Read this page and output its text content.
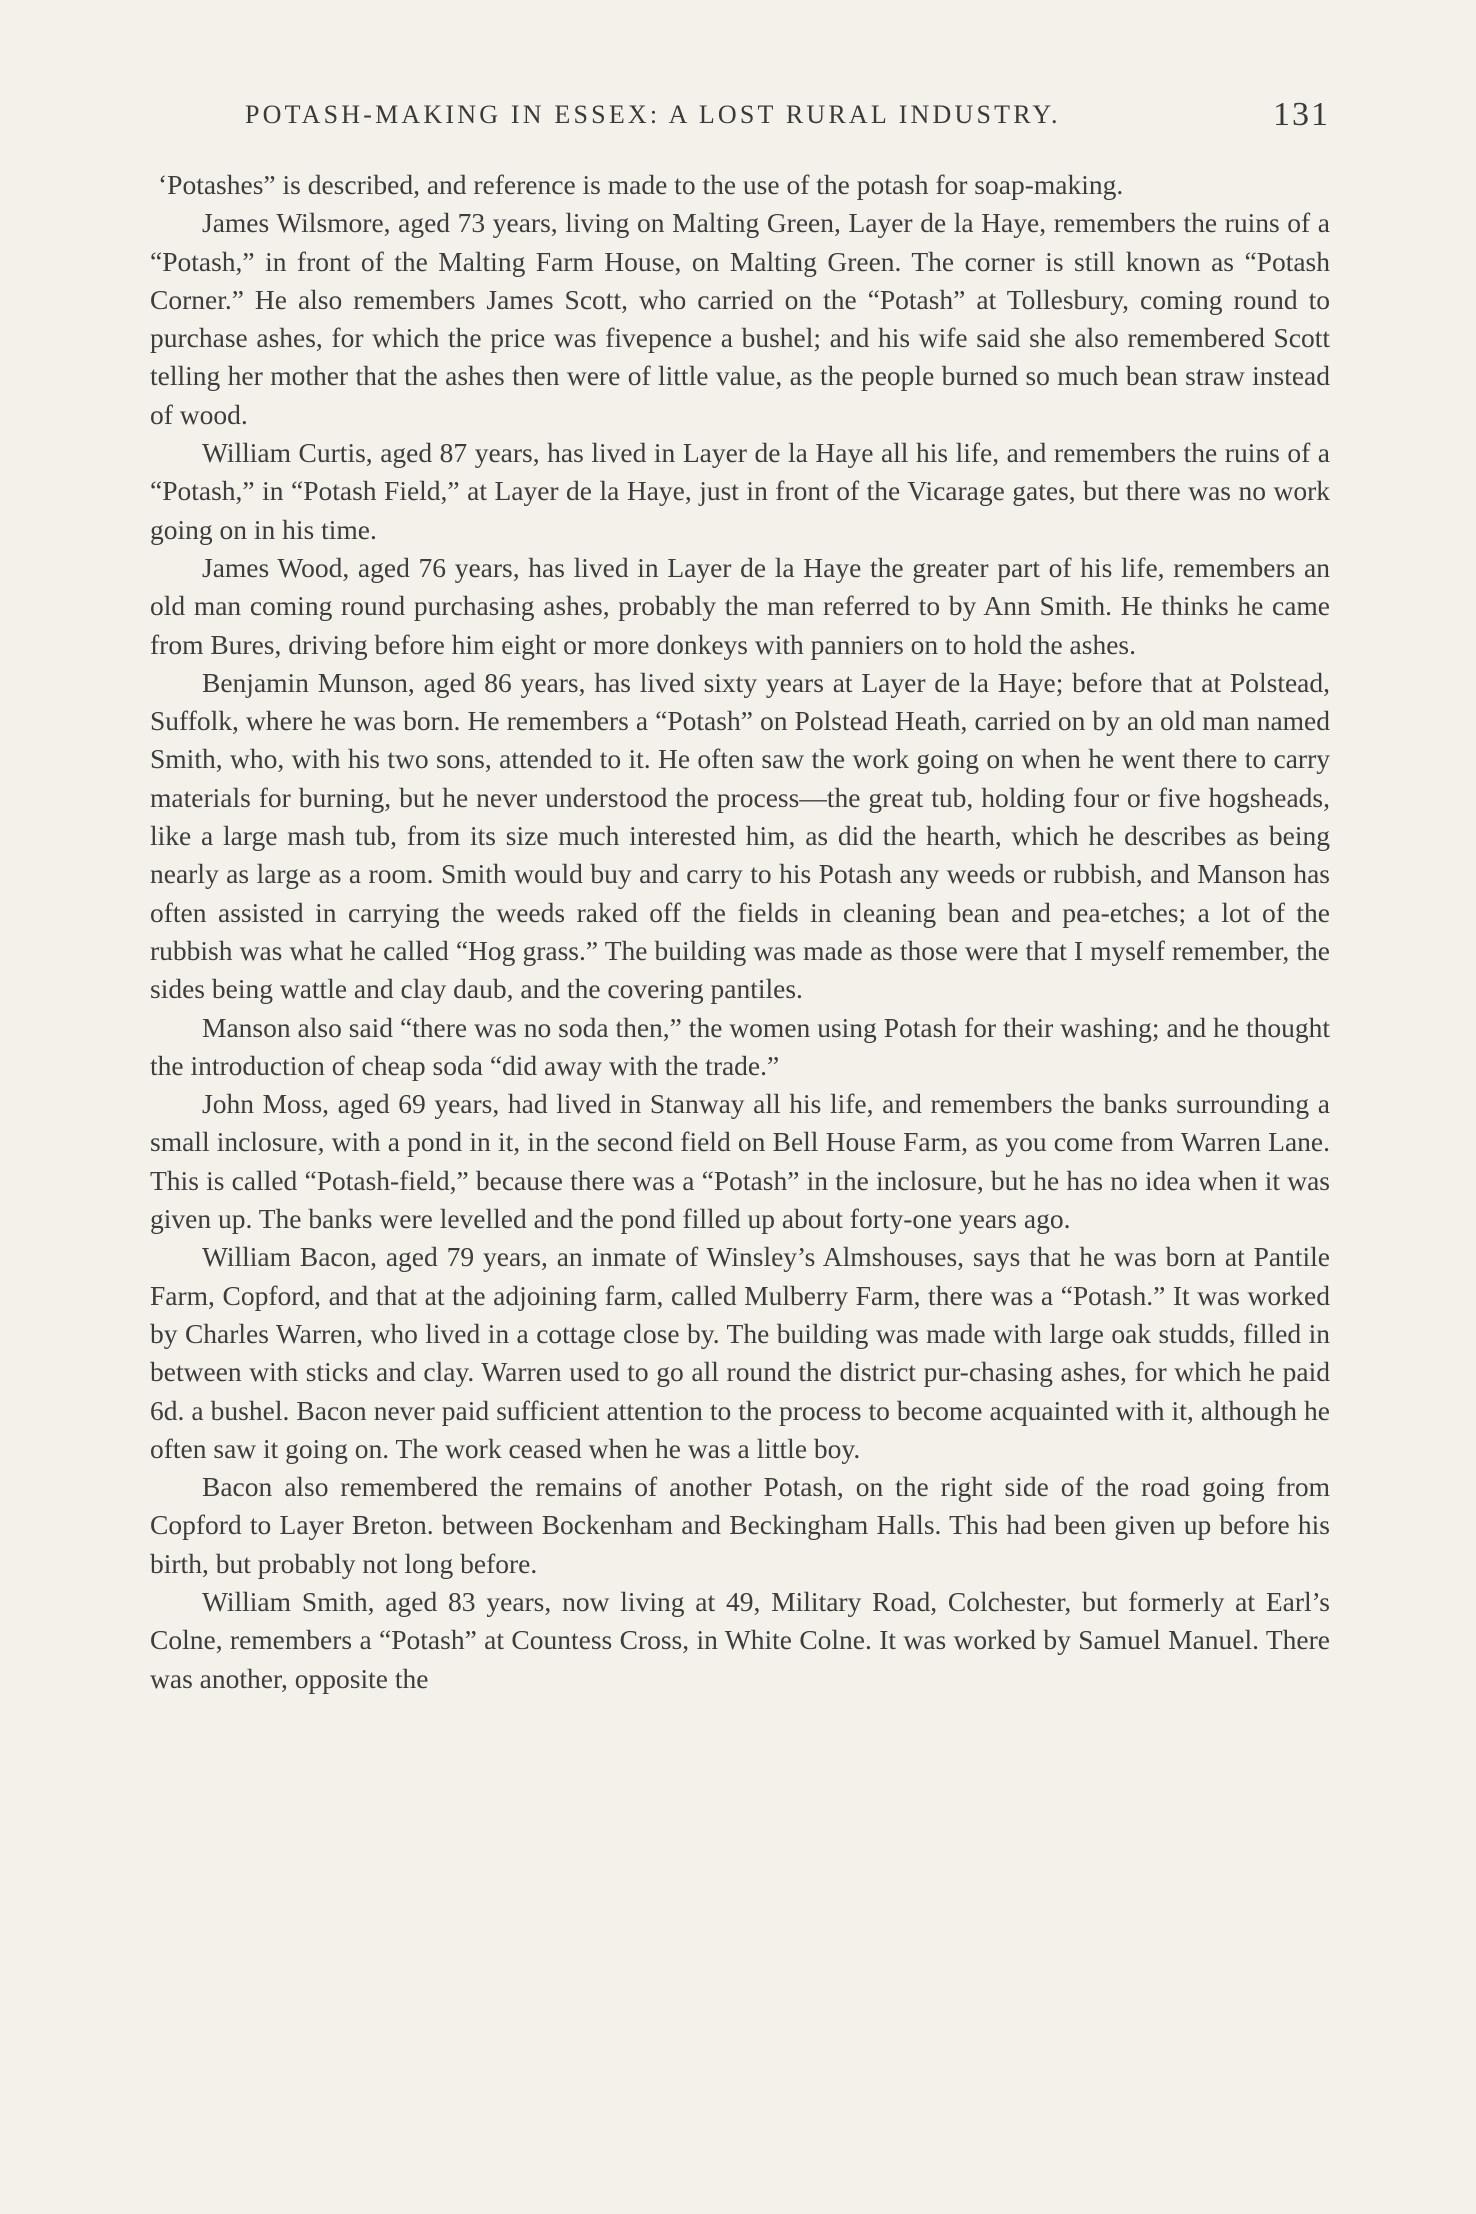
POTASH-MAKING IN ESSEX: A LOST RURAL INDUSTRY.	131

‘Potashes” is described, and reference is made to the use of the potash for soap-making.

James Wilsmore, aged 73 years, living on Malting Green, Layer de la Haye, remembers the ruins of a “Potash,” in front of the Malting Farm House, on Malting Green. The corner is still known as “Potash Corner.” He also remembers James Scott, who carried on the “Potash” at Tollesbury, coming round to purchase ashes, for which the price was fivepence a bushel; and his wife said she also remembered Scott telling her mother that the ashes then were of little value, as the people burned so much bean straw instead of wood.

William Curtis, aged 87 years, has lived in Layer de la Haye all his life, and remembers the ruins of a “Potash,” in “Potash Field,” at Layer de la Haye, just in front of the Vicarage gates, but there was no work going on in his time.

James Wood, aged 76 years, has lived in Layer de la Haye the greater part of his life, remembers an old man coming round purchasing ashes, probably the man referred to by Ann Smith. He thinks he came from Bures, driving before him eight or more donkeys with panniers on to hold the ashes.

Benjamin Munson, aged 86 years, has lived sixty years at Layer de la Haye; before that at Polstead, Suffolk, where he was born. He remembers a “Potash” on Polstead Heath, carried on by an old man named Smith, who, with his two sons, attended to it. He often saw the work going on when he went there to carry materials for burning, but he never understood the process—the great tub, holding four or five hogsheads, like a large mash tub, from its size much interested him, as did the hearth, which he describes as being nearly as large as a room. Smith would buy and carry to his Potash any weeds or rubbish, and Manson has often assisted in carrying the weeds raked off the fields in cleaning bean and pea-etches; a lot of the rubbish was what he called “Hog grass.” The building was made as those were that I myself remember, the sides being wattle and clay daub, and the covering pantiles.

Manson also said “there was no soda then,” the women using Potash for their washing; and he thought the introduction of cheap soda “did away with the trade.”

John Moss, aged 69 years, had lived in Stanway all his life, and remembers the banks surrounding a small inclosure, with a pond in it, in the second field on Bell House Farm, as you come from Warren Lane. This is called “Potash-field,” because there was a “Potash” in the inclosure, but he has no idea when it was given up. The banks were levelled and the pond filled up about forty-one years ago.

William Bacon, aged 79 years, an inmate of Winsley’s Almshouses, says that he was born at Pantile Farm, Copford, and that at the adjoining farm, called Mulberry Farm, there was a “Potash.” It was worked by Charles Warren, who lived in a cottage close by. The building was made with large oak studds, filled in between with sticks and clay. Warren used to go all round the district pur-chasing ashes, for which he paid 6d. a bushel. Bacon never paid sufficient attention to the process to become acquainted with it, although he often saw it going on. The work ceased when he was a little boy.

Bacon also remembered the remains of another Potash, on the right side of the road going from Copford to Layer Breton. between Bockenham and Beckingham Halls. This had been given up before his birth, but probably not long before.

William Smith, aged 83 years, now living at 49, Military Road, Colchester, but formerly at Earl’s Colne, remembers a “Potash” at Countess Cross, in White Colne. It was worked by Samuel Manuel. There was another, opposite the
